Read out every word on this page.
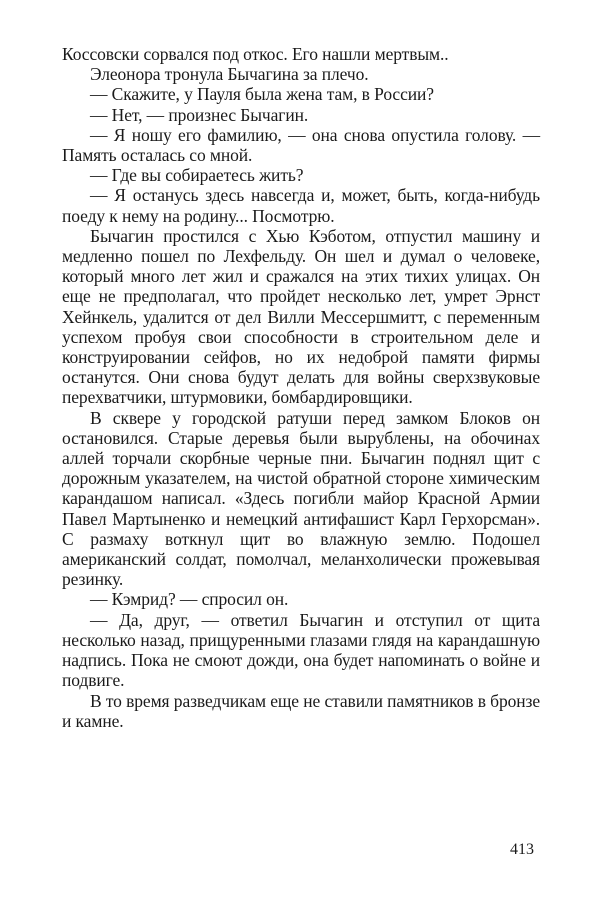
Коссовски сорвался под откос. Его нашли мертвым..

Элеонора тронула Бычагина за плечо.

— Скажите, у Пауля была жена там, в России?

— Нет, — произнес Бычагин.

— Я ношу его фамилию, — она снова опустила голову. — Память осталась со мной.

— Где вы собираетесь жить?

— Я останусь здесь навсегда и, может, быть, когда-нибудь поеду к нему на родину... Посмотрю.

Бычагин простился с Хью Кэботом, отпустил машину и медленно пошел по Лехфельду. Он шел и думал о человеке, который много лет жил и сражался на этих тихих улицах. Он еще не предполагал, что пройдет несколько лет, умрет Эрнст Хейнкель, удалится от дел Вилли Мессершмитт, с переменным успехом пробуя свои способности в строительном деле и конструировании сейфов, но их недоброй памяти фирмы останутся. Они снова будут делать для войны сверхзвуковые перехватчики, штурмовики, бомбардировщики.

В сквере у городской ратуши перед замком Блоков он остановился. Старые деревья были вырублены, на обочинах аллей торчали скорбные черные пни. Бычагин поднял щит с дорожным указателем, на чистой обратной стороне химическим карандашом написал. «Здесь погибли майор Красной Армии Павел Мартыненко и немецкий антифашист Карл Герхорсман». С размаху воткнул щит во влажную землю. Подошел американский солдат, помолчал, меланхолически прожевывая резинку.

— Кэмрид? — спросил он.

— Да, друг, — ответил Бычагин и отступил от щита несколько назад, прищуренными глазами глядя на карандашную надпись. Пока не смоют дожди, она будет напоминать о войне и подвиге.

В то время разведчикам еще не ставили памятников в бронзе и камне.

413
